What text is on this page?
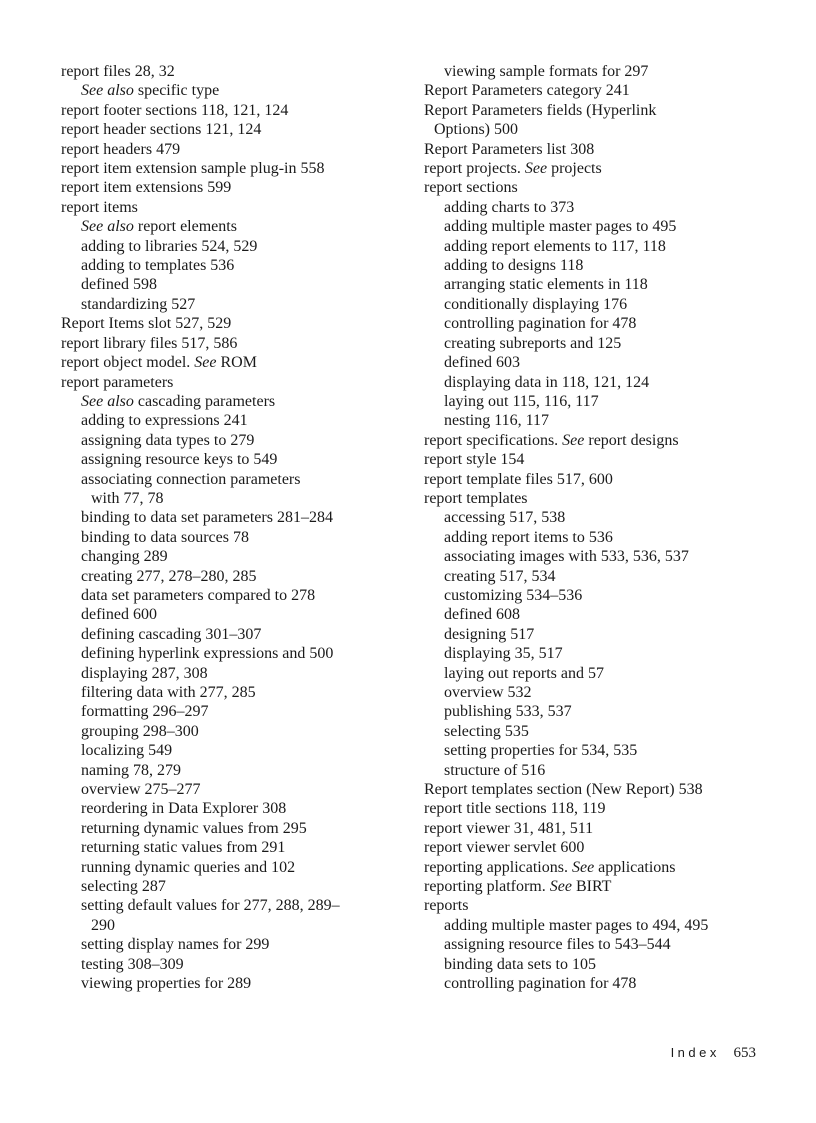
report files 28, 32
See also specific type
report footer sections 118, 121, 124
report header sections 121, 124
report headers 479
report item extension sample plug-in 558
report item extensions 599
report items
See also report elements
adding to libraries 524, 529
adding to templates 536
defined 598
standardizing 527
Report Items slot 527, 529
report library files 517, 586
report object model. See ROM
report parameters
See also cascading parameters
adding to expressions 241
assigning data types to 279
assigning resource keys to 549
associating connection parameters
with 77, 78
binding to data set parameters 281–284
binding to data sources 78
changing 289
creating 277, 278–280, 285
data set parameters compared to 278
defined 600
defining cascading 301–307
defining hyperlink expressions and 500
displaying 287, 308
filtering data with 277, 285
formatting 296–297
grouping 298–300
localizing 549
naming 78, 279
overview 275–277
reordering in Data Explorer 308
returning dynamic values from 295
returning static values from 291
running dynamic queries and 102
selecting 287
setting default values for 277, 288, 289–
290
setting display names for 299
testing 308–309
viewing properties for 289
viewing sample formats for 297
Report Parameters category 241
Report Parameters fields (Hyperlink
Options) 500
Report Parameters list 308
report projects. See projects
report sections
adding charts to 373
adding multiple master pages to 495
adding report elements to 117, 118
adding to designs 118
arranging static elements in 118
conditionally displaying 176
controlling pagination for 478
creating subreports and 125
defined 603
displaying data in 118, 121, 124
laying out 115, 116, 117
nesting 116, 117
report specifications. See report designs
report style 154
report template files 517, 600
report templates
accessing 517, 538
adding report items to 536
associating images with 533, 536, 537
creating 517, 534
customizing 534–536
defined 608
designing 517
displaying 35, 517
laying out reports and 57
overview 532
publishing 533, 537
selecting 535
setting properties for 534, 535
structure of 516
Report templates section (New Report) 538
report title sections 118, 119
report viewer 31, 481, 511
report viewer servlet 600
reporting applications. See applications
reporting platform. See BIRT
reports
adding multiple master pages to 494, 495
assigning resource files to 543–544
binding data sets to 105
controlling pagination for 478
Index 653
